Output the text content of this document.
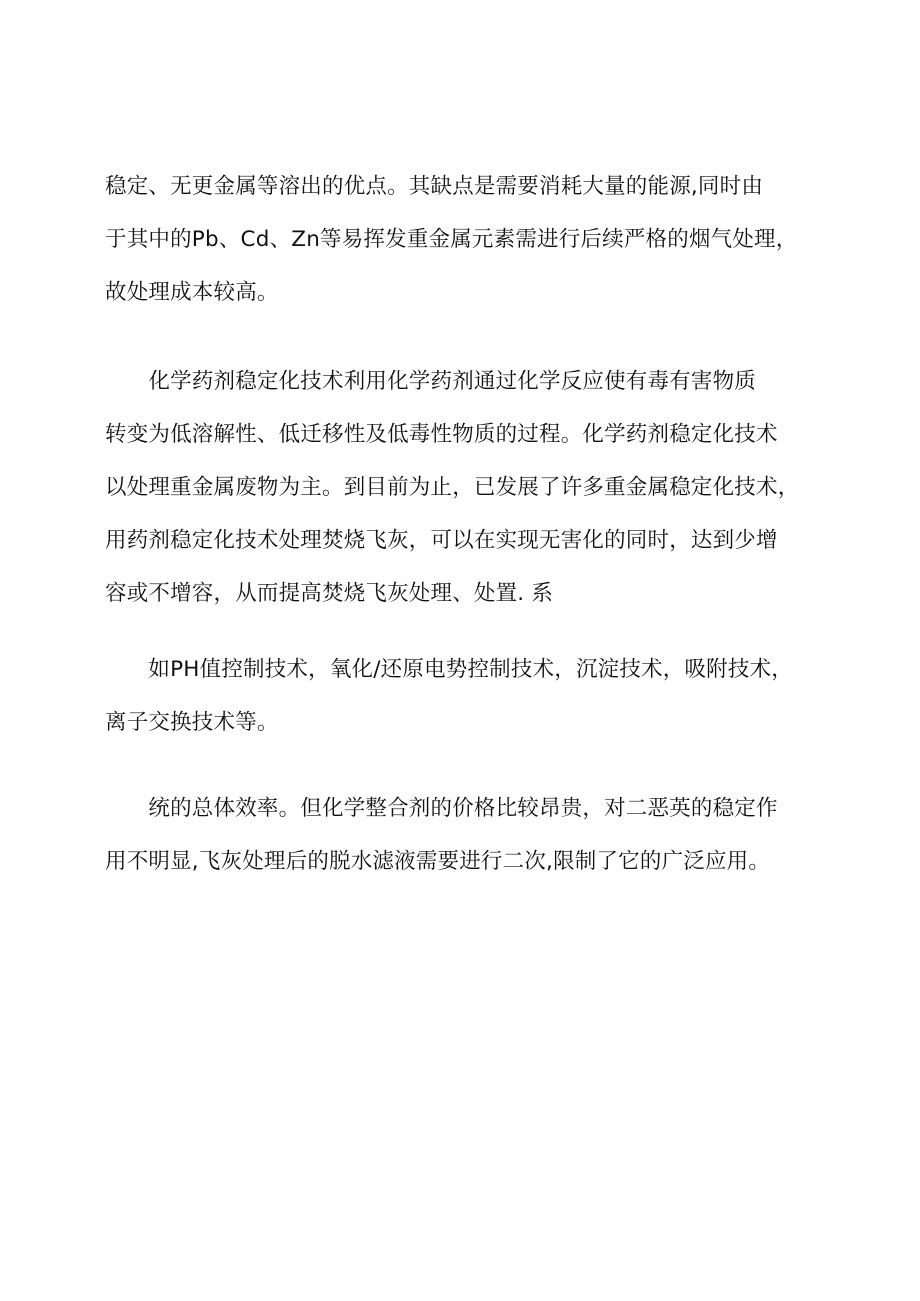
稳定、无更金属等溶出的优点。其缺点是需要消耗大量的能源,同时由
于其中的Pb、Cd、Zn等易挥发重金属元素需进行后续严格的烟气处理，
故处理成本较高。
　　化学药剂稳定化技术利用化学药剂通过化学反应使有毒有害物质
转变为低溶解性、低迁移性及低毒性物质的过程。化学药剂稳定化技术
以处理重金属废物为主。到目前为止，已发展了许多重金属稳定化技术，
用药剂稳定化技术处理焚烧飞灰，可以在实现无害化的同时，达到少增
容或不增容，从而提高焚烧飞灰处理、处置. 系
　　如PH值控制技术，氧化/还原电势控制技术，沉淀技术，吸附技术，
离子交换技术等。
　　统的总体效率。但化学整合剂的价格比较昂贵，对二恶英的稳定作
用不明显,飞灰处理后的脱水滤液需要进行二次,限制了它的广泛应用。
